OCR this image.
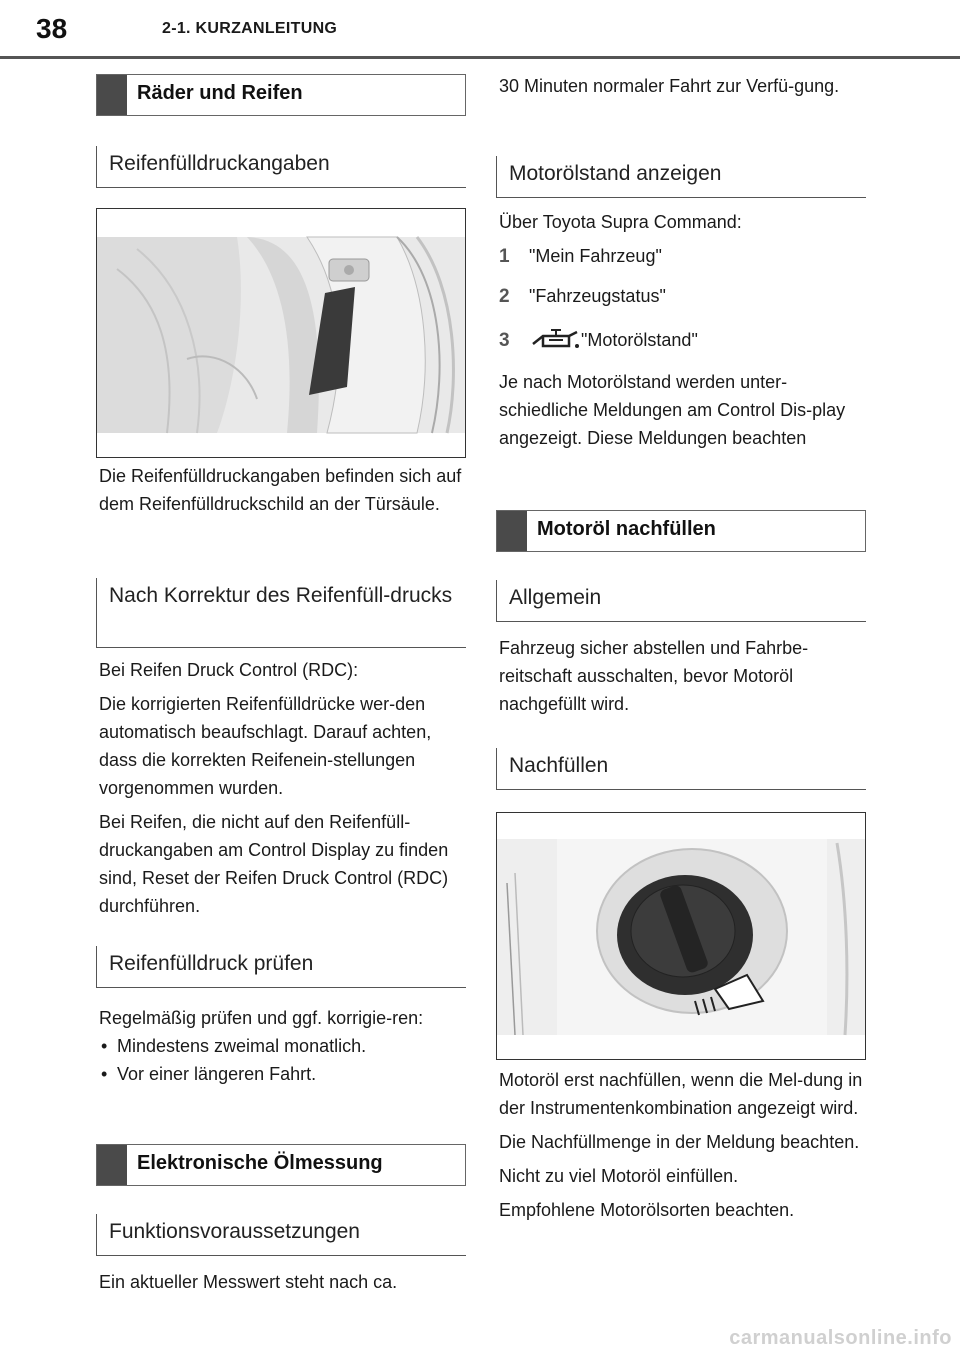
38	2-1. KURZANLEITUNG
Räder und Reifen
Reifenfülldruckangaben
Die Reifenfülldruckangaben befinden sich auf dem Reifenfülldruckschild an der Türsäule.
Nach Korrektur des Reifenfüll-drucks

Bei Reifen Druck Control (RDC):

Die korrigierten Reifenfülldrücke wer-den automatisch beaufschlagt. Darauf achten, dass die korrekten Reifenein-stellungen vorgenommen wurden.

Bei Reifen, die nicht auf den Reifenfüll-druckangaben am Control Display zu finden sind, Reset der Reifen Druck Control (RDC) durchführen.

Reifenfülldruck prüfen

Regelmäßig prüfen und ggf. korrigie-ren:

• Mindestens zweimal monatlich.

• Vor einer längeren Fahrt.

Elektronische Ölmessung
Funktionsvoraussetzungen
Ein aktueller Messwert steht nach ca.
30 Minuten normaler Fahrt zur Verfü-gung.
Motorölstand anzeigen
Über Toyota Supra Command:
1 "Mein Fahrzeug"
2 "Fahrzeugstatus"
3	"Motorölstand"
Je nach Motorölstand werden unter-schiedliche Meldungen am Control Dis-play angezeigt. Diese Meldungen beachten
Motoröl nachfüllen
Allgemein
Fahrzeug sicher abstellen und Fahrbe-reitschaft ausschalten, bevor Motoröl nachgefüllt wird.
Nachfüllen

Motoröl erst nachfüllen, wenn die Mel-dung in der Instrumentenkombination angezeigt wird.

Die Nachfüllmenge in der Meldung beachten.

Nicht zu viel Motoröl einfüllen.

Empfohlene Motorölsorten beachten.

carmanualsonline.info
